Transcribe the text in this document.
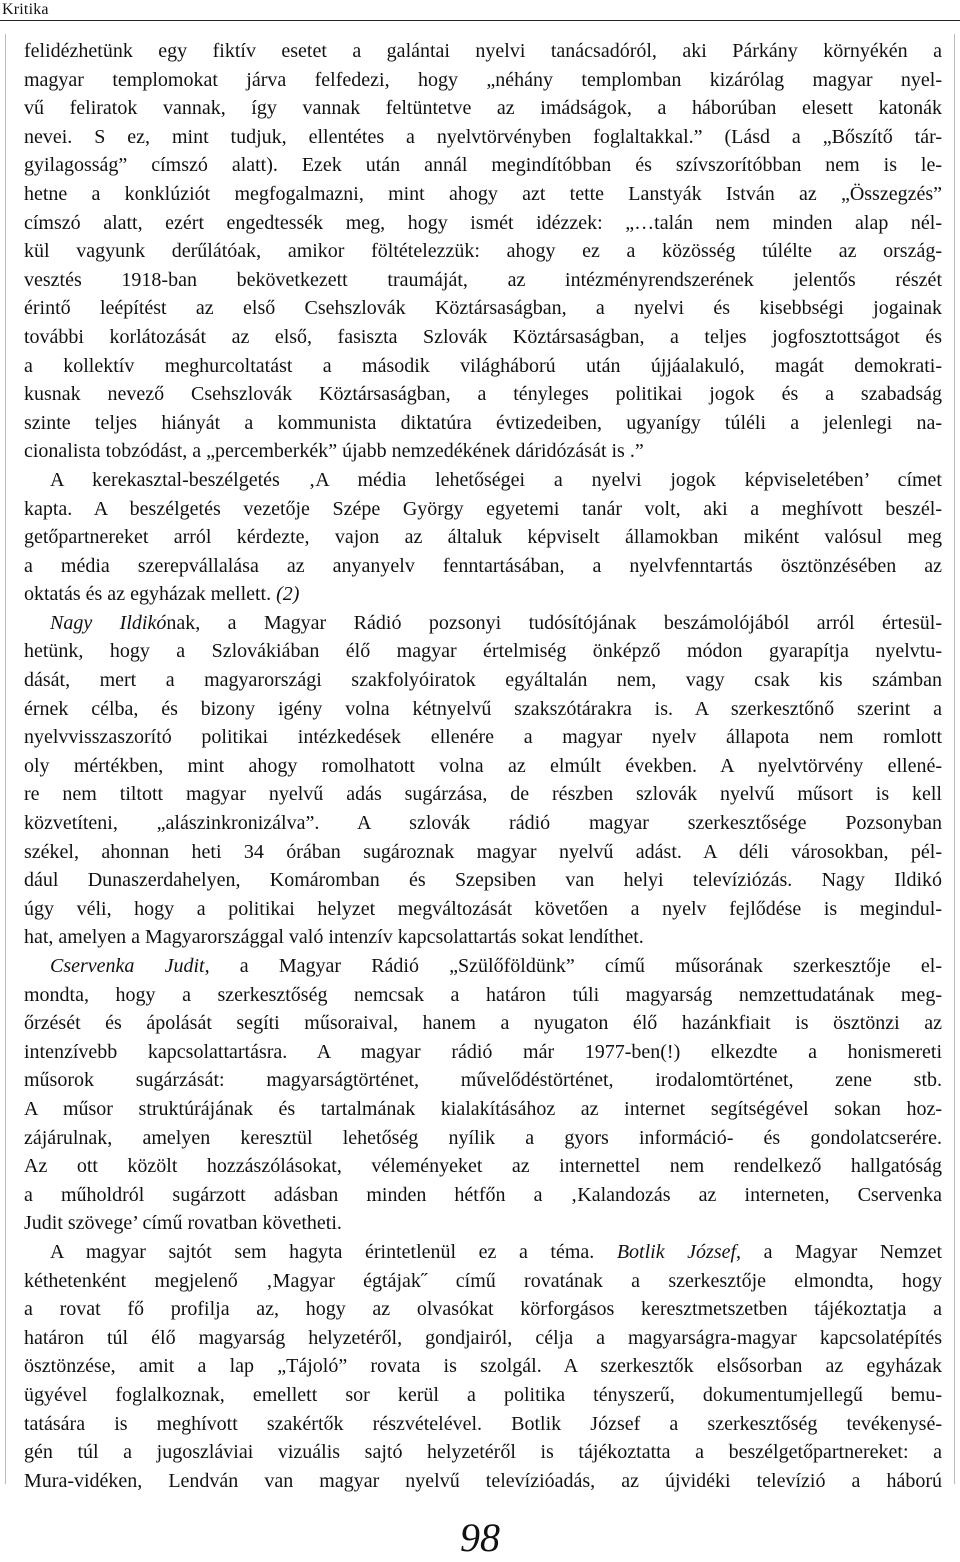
Kritika
felidézhetünk egy fiktív esetet a galántai nyelvi tanácsadóról, aki Párkány környékén a
magyar templomokat járva felfedezi, hogy „néhány templomban kizárólag magyar nyel-
vű feliratok vannak, így vannak feltüntetve az imádságok, a háborúban elesett katonák
nevei. S ez, mint tudjuk, ellentétes a nyelvtörvényben foglaltakkal.” (Lásd a „Bőszítő tár-
gyilagosság” címszó alatt). Ezek után annál megindítóbban és szívszorítóbban nem is le-
hetne a konklúziót megfogalmazni, mint ahogy azt tette Lanstyák István az „Összegzés”
címszó alatt, ezért engedtessék meg, hogy ismét idézzek: „…talán nem minden alap nél-
kül vagyunk derűlátóak, amikor föltételezzük: ahogy ez a közösség túlélte az ország-
vesztés 1918-ban bekövetkezett traumáját, az intézményrendszerének jelentős részét
érintő leépítést az első Csehszlovák Köztársaságban, a nyelvi és kisebbségi jogainak
további korlátozását az első, fasiszta Szlovák Köztársaságban, a teljes jogfosztottságot és
a kollektív meghurcoltatást a második világháború után újjáalakuló, magát demokrati-
kusnak nevező Csehszlovák Köztársaságban, a tényleges politikai jogok és a szabadság
szinte teljes hiányát a kommunista diktatúra évtizedeiben, ugyanígy túléli a jelenlegi na-
cionalista tobzódást, a „percemberkék” újabb nemzedékének dáridózását is .”
A kerekasztal-beszélgetés ‚A média lehetőségei a nyelvi jogok képviseletében’ címet
kapta. A beszélgetés vezetője Szépe György egyetemi tanár volt, aki a meghívott beszél-
getőpartnereket arról kérdezte, vajon az általuk képviselt államokban miként valósul meg
a média szerepvállalása az anyanyelv fenntartásában, a nyelvfenntartás ösztönzésében az
oktatás és az egyházak mellett. (2)
Nagy Ildikónak, a Magyar Rádió pozsonyi tudósítójának beszámolójából arról értesül-
hetünk, hogy a Szlovákiában élő magyar értelmiség önképző módon gyarapítja nyelvtu-
dását, mert a magyarországi szakfolyóiratok egyáltalán nem, vagy csak kis számban
érnek célba, és bizony igény volna kétnyelvű szakszótárakra is. A szerkesztőnő szerint a
nyelvvisszaszorító politikai intézkedések ellenére a magyar nyelv állapota nem romlott
oly mértékben, mint ahogy romolhatott volna az elmúlt években. A nyelvtörvény ellené-
re nem tiltott magyar nyelvű adás sugárzása, de részben szlovák nyelvű műsort is kell
közvetíteni, „alászinkronizálva”. A szlovák rádió magyar szerkesztősége Pozsonyban
székel, ahonnan heti 34 órában sugároznak magyar nyelvű adást. A déli városokban, pél-
dául Dunaszerdahelyen, Komáromban és Szepsiben van helyi televíziózás. Nagy Ildikó
úgy véli, hogy a politikai helyzet megváltozását követően a nyelv fejlődése is megindul-
hat, amelyen a Magyarországgal való intenzív kapcsolattartás sokat lendíthet.
Cservenka Judit, a Magyar Rádió „Szülőföldünk” című műsorának szerkesztője el-
mondta, hogy a szerkesztőség nemcsak a határon túli magyarság nemzettudatának meg-
őrzését és ápolását segíti műsoraival, hanem a nyugaton élő hazánkfiait is ösztönzi az
intenzívebb kapcsolattartásra. A magyar rádió már 1977-ben(!) elkezdte a honismereti
műsorok sugárzását: magyarságtörténet, művelődéstörténet, irodalomtörténet, zene stb.
A műsor struktúrájának és tartalmának kialakításához az internet segítségével sokan hoz-
zájárulnak, amelyen keresztül lehetőség nyílik a gyors információ- és gondolatcserére.
Az ott közölt hozzászólásokat, véleményeket az internettel nem rendelkező hallgatóság
a műholdról sugárzott adásban minden hétfőn a ‚Kalandozás az interneten, Cservenka
Judit szövege’ című rovatban követheti.
A magyar sajtót sem hagyta érintetlenül ez a téma. Botlik József, a Magyar Nemzet
kéthetenként megjelenő ‚Magyar égtájak˝ című rovatának a szerkesztője elmondta, hogy
a rovat fő profilja az, hogy az olvasókat körforgásos keresztmetszetben tájékoztatja a
határon túl élő magyarság helyzetéről, gondjairól, célja a magyarságra-magyar kapcsolatépítés
ösztönzése, amit a lap „Tájoló” rovata is szolgál. A szerkesztők elsősorban az egyházak
ügyével foglalkoznak, emellett sor kerül a politika tényszerű, dokumentumjellegű bemu-
tatására is meghívott szakértők részvételével. Botlik József a szerkesztőség tevékenysé-
gén túl a jugoszláviai vizuális sajtó helyzetéről is tájékoztatta a beszélgetőpartnereket: a
Mura-vidéken, Lendván van magyar nyelvű televízióadás, az újvidéki televízió a háború
98
